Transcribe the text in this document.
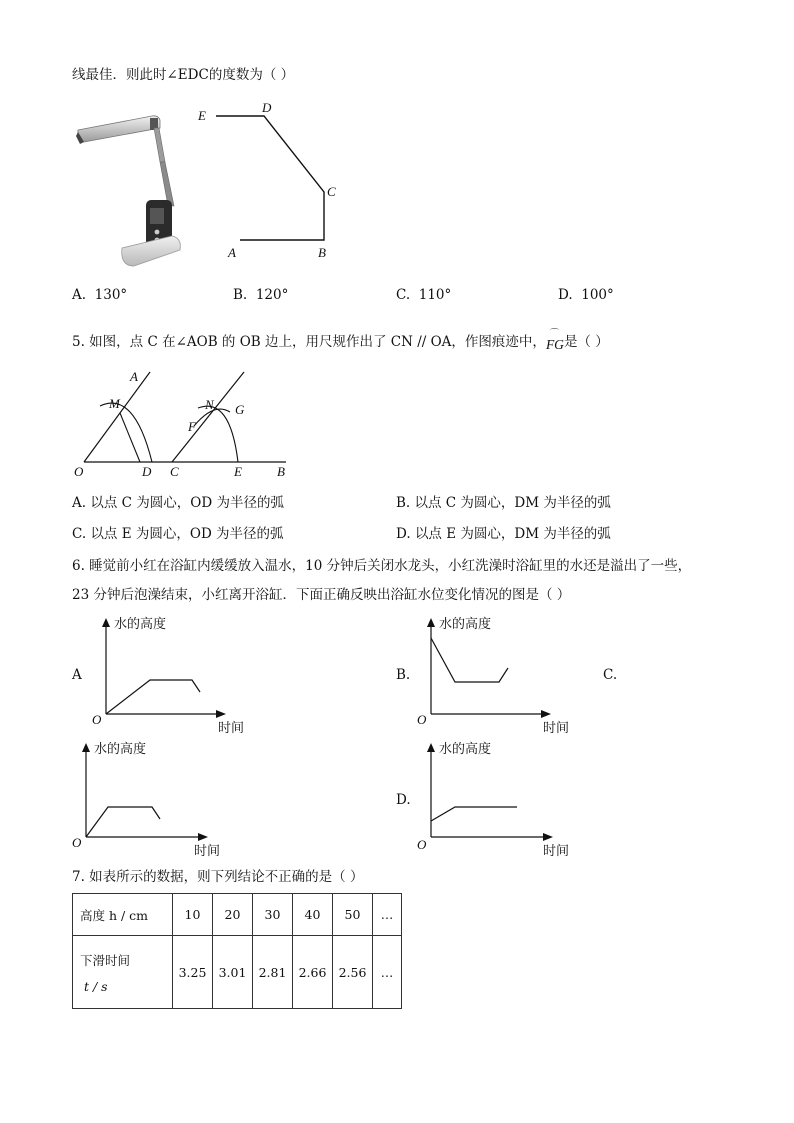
线最佳．则此时∠EDC的度数为（ ）
E
D
C
A	B
A. 130°	B. 120°	C. 110°	D. 100°
5. 如图，点 C 在∠AOB 的 OB 边上，用尺规作出了 CN // OA，作图痕迹中，
⌒
FG是（ ）
A
M	N G
F
O	D C	E	B
A. 以点 C 为圆心，OD 为半径的弧	B. 以点 C 为圆心，DM 为半径的弧
C. 以点 E 为圆心，OD 为半径的弧	D. 以点 E 为圆心，DM 为半径的弧
6. 睡觉前小红在浴缸内缓缓放入温水，10 分钟后关闭水龙头，小红洗澡时浴缸里的水还是溢出了一些，
23 分钟后泡澡结束，小红离开浴缸．下面正确反映出浴缸水位变化情况的图是（ ）
A	B.	C.
D.
水的高度
时间
O
水的高度
时间
O
水的高度
时间
O
水的高度
时间
O
7. 如表所示的数据，则下列结论不正确的是（ ）
高度 h / cm	10	20	30	40	50	…

下滑时间
t / s	3.25	3.01	2.81	2.66	2.56	…
